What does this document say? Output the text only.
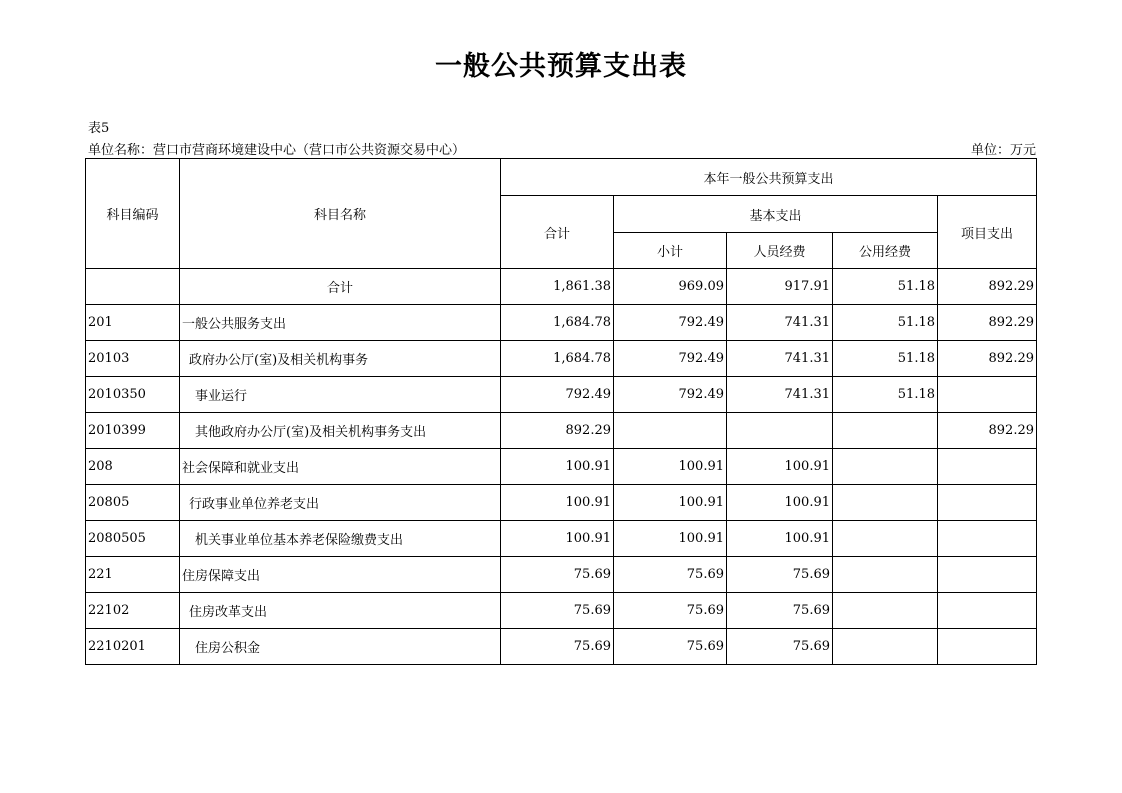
一般公共预算支出表
表5
单位名称：营口市营商环境建设中心（营口市公共资源交易中心）	单位：万元
科目编码	科目名称	本年一般公共预算支出				
		合计	基本支出			项目支出
			小计	人员经费	公用经费	
	合计	1,861.38	969.09	917.91	51.18	892.29
201	一般公共服务支出	1,684.78	792.49	741.31	51.18	892.29
20103	政府办公厅(室)及相关机构事务	1,684.78	792.49	741.31	51.18	892.29
2010350	事业运行	792.49	792.49	741.31	51.18	
2010399	其他政府办公厅(室)及相关机构事务支出	892.29				892.29
208	社会保障和就业支出	100.91	100.91	100.91		
20805	行政事业单位养老支出	100.91	100.91	100.91		
2080505	机关事业单位基本养老保险缴费支出	100.91	100.91	100.91		
221	住房保障支出	75.69	75.69	75.69		
22102	住房改革支出	75.69	75.69	75.69		
2210201	住房公积金	75.69	75.69	75.69		
